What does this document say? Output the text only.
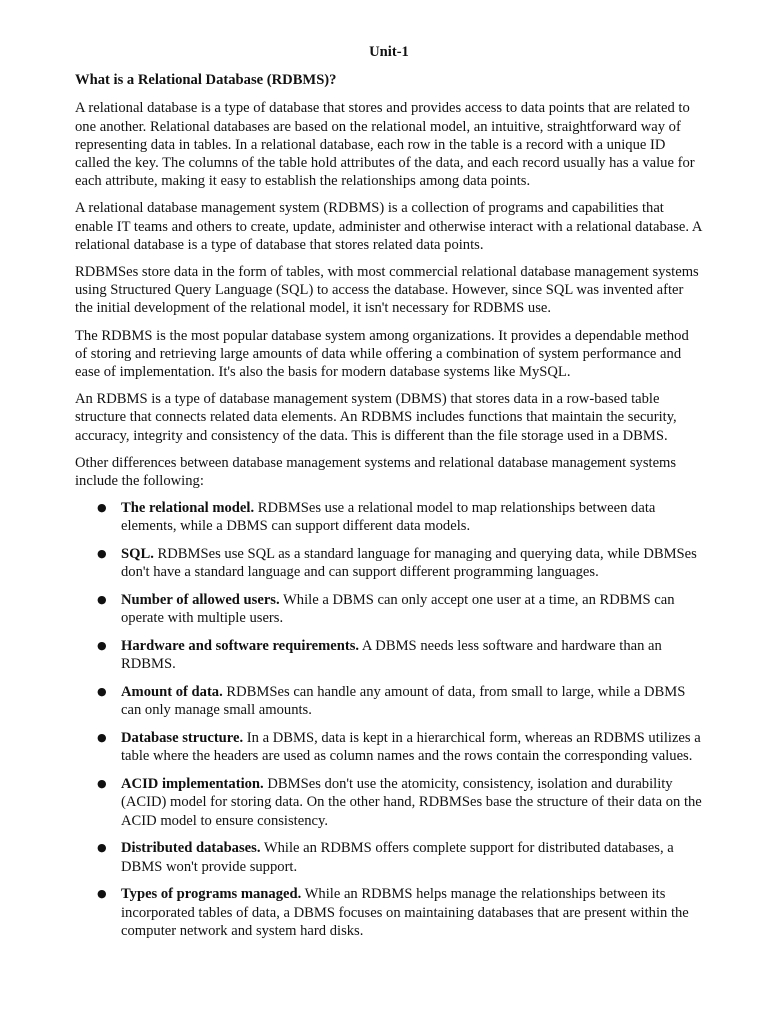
Unit-1
What is a Relational Database (RDBMS)?

A relational database is a type of database that stores and provides access to data points that are related to one another. Relational databases are based on the relational model, an intuitive, straightforward way of representing data in tables. In a relational database, each row in the table is a record with a unique ID called the key. The columns of the table hold attributes of the data, and each record usually has a value for each attribute, making it easy to establish the relationships among data points.

A relational database management system (RDBMS) is a collection of programs and capabilities that enable IT teams and others to create, update, administer and otherwise interact with a relational database. A relational database is a type of database that stores related data points.

RDBMSes store data in the form of tables, with most commercial relational database management systems using Structured Query Language (SQL) to access the database. However, since SQL was invented after the initial development of the relational model, it isn't necessary for RDBMS use.

The RDBMS is the most popular database system among organizations. It provides a dependable method of storing and retrieving large amounts of data while offering a combination of system performance and ease of implementation. It's also the basis for modern database systems like MySQL.

An RDBMS is a type of database management system (DBMS) that stores data in a row-based table structure that connects related data elements. An RDBMS includes functions that maintain the security, accuracy, integrity and consistency of the data. This is different than the file storage used in a DBMS.

Other differences between database management systems and relational database management systems include the following:

● The relational model. RDBMSes use a relational model to map relationships between data elements, while a DBMS can support different data models.
● SQL. RDBMSes use SQL as a standard language for managing and querying data, while DBMSes don't have a standard language and can support different programming languages.
● Number of allowed users. While a DBMS can only accept one user at a time, an RDBMS can operate with multiple users.
● Hardware and software requirements. A DBMS needs less software and hardware than an RDBMS.
● Amount of data. RDBMSes can handle any amount of data, from small to large, while a DBMS can only manage small amounts.
● Database structure. In a DBMS, data is kept in a hierarchical form, whereas an RDBMS utilizes a table where the headers are used as column names and the rows contain the corresponding values.
● ACID implementation. DBMSes don't use the atomicity, consistency, isolation and durability (ACID) model for storing data. On the other hand, RDBMSes base the structure of their data on the ACID model to ensure consistency.
● Distributed databases. While an RDBMS offers complete support for distributed databases, a DBMS won't provide support.
● Types of programs managed. While an RDBMS helps manage the relationships between its incorporated tables of data, a DBMS focuses on maintaining databases that are present within the computer network and system hard disks.
